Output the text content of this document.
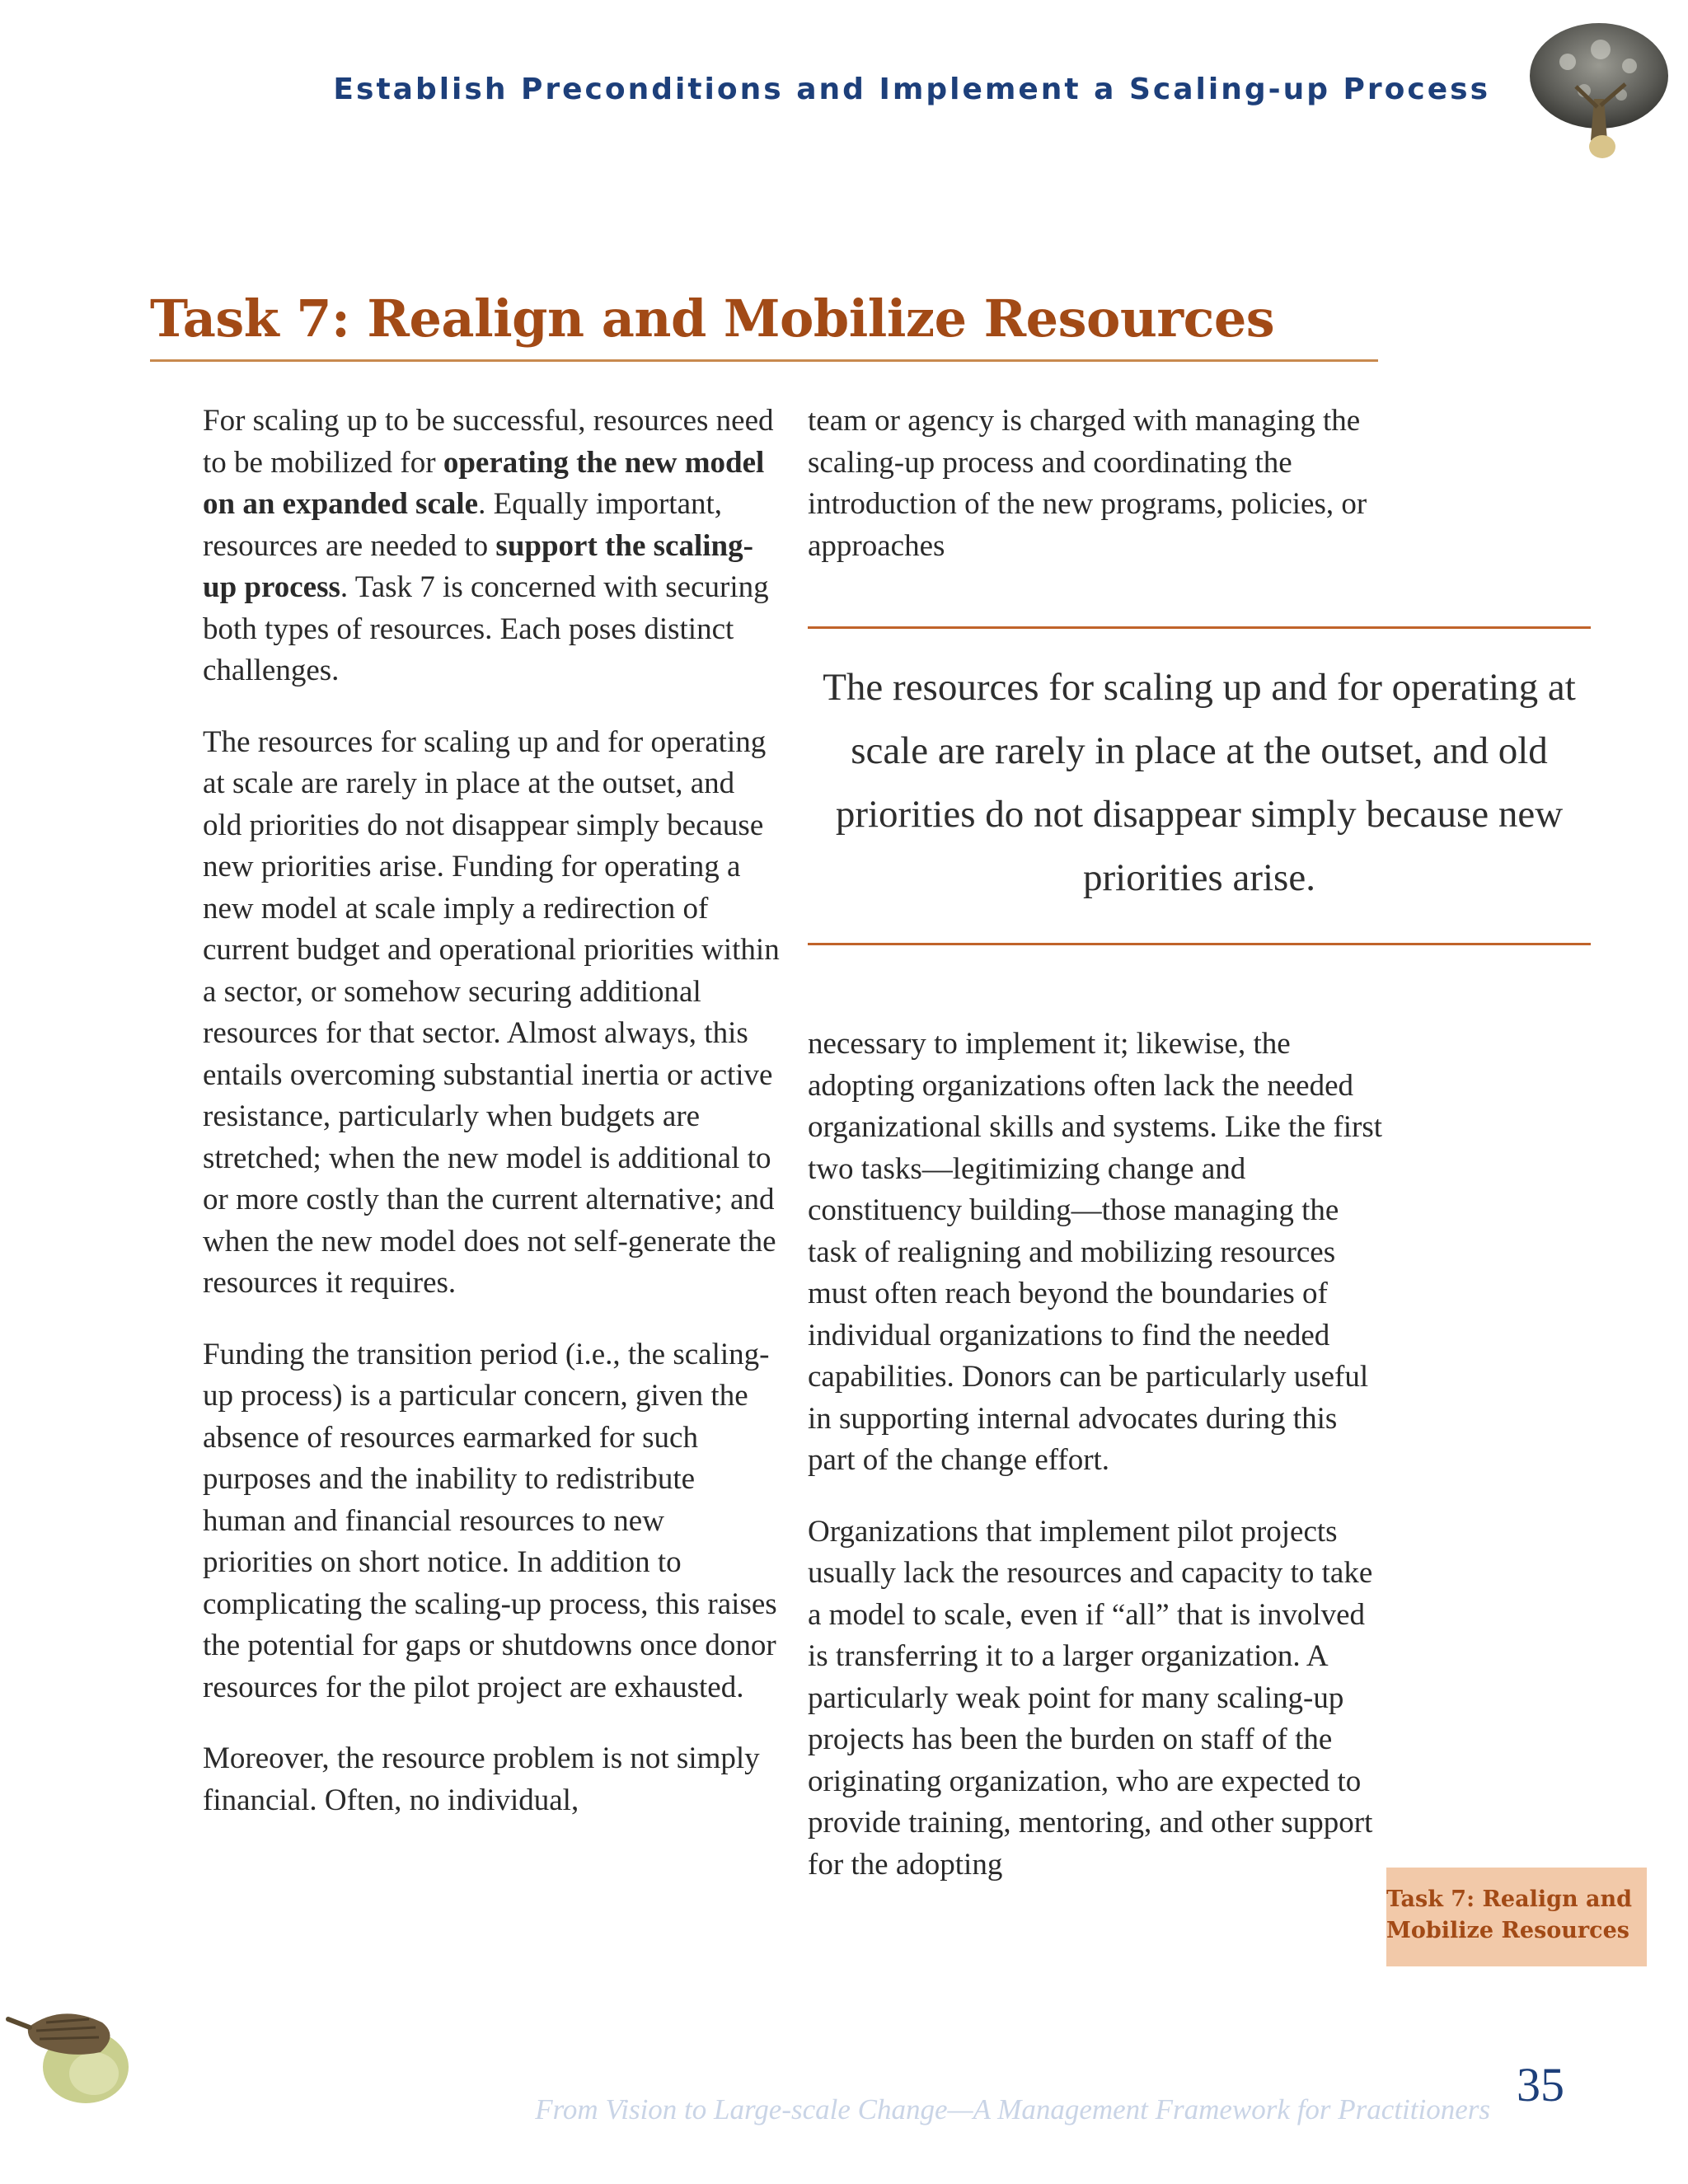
Establish Preconditions and Implement a Scaling-up Process
Task 7: Realign and Mobilize Resources

For scaling up to be successful, resources need to be mobilized for operating the new model on an expanded scale. Equally important, resources are needed to support the scaling-up process. Task 7 is concerned with securing both types of resources. Each poses distinct challenges.

The resources for scaling up and for operating at scale are rarely in place at the outset, and old priorities do not disappear simply because new priorities arise. Funding for operating a new model at scale imply a redirection of current budget and operational priorities within a sector, or somehow securing additional resources for that sector. Almost always, this entails overcoming substantial inertia or active resistance, particularly when budgets are stretched; when the new model is additional to or more costly than the current alternative; and when the new model does not self-generate the resources it requires.

Funding the transition period (i.e., the scaling-up process) is a particular concern, given the absence of resources earmarked for such purposes and the inability to redistribute human and financial resources to new priorities on short notice. In addition to complicating the scaling-up process, this raises the potential for gaps or shutdowns once donor resources for the pilot project are exhausted.

Moreover, the resource problem is not simply financial. Often, no individual,

team or agency is charged with managing the scaling-up process and coordinating the introduction of the new programs, policies, or approaches

The resources for scaling up and for operating at scale are rarely in place at the outset, and old priorities do not disappear simply because new priorities arise.

necessary to implement it; likewise, the adopting organizations often lack the needed organizational skills and systems. Like the first two tasks—legitimizing change and constituency building—those managing the task of realigning and mobilizing resources must often reach beyond the boundaries of individual organizations to find the needed capabilities. Donors can be particularly useful in supporting internal advocates during this part of the change effort.

Organizations that implement pilot projects usually lack the resources and capacity to take a model to scale, even if “all” that is involved is transferring it to a larger organization. A particularly weak point for many scaling-up projects has been the burden on staff of the originating organization, who are expected to provide training, mentoring, and other support for the adopting

Task 7: Realign and
Mobilize Resources

35

From Vision to Large-scale Change—A Management Framework for Practitioners
